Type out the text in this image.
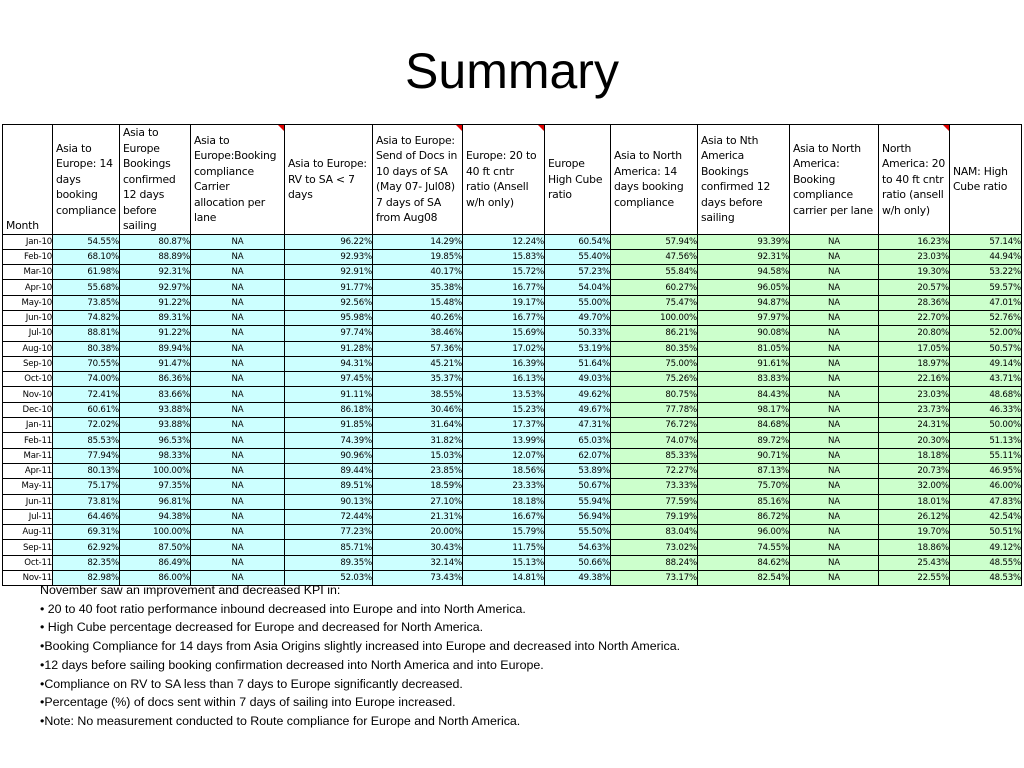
Summary
Month	Asia to Europe: 14 days booking compliance	Asia to Europe Bookings confirmed 12 days before sailing	Asia to Europe:Booking compliance Carrier allocation per lane	Asia to Europe: RV to SA < 7 days	Asia to Europe: Send of Docs in 10 days of SA (May 07- Jul08) 7 days of SA from Aug08	Europe: 20 to 40 ft cntr ratio (Ansell w/h only)	Europe High Cube ratio	Asia to North America: 14 days booking compliance	Asia to Nth America Bookings confirmed 12 days before sailing	Asia to North America: Booking compliance carrier per lane	North America: 20 to 40 ft cntr ratio (ansell w/h only)	NAM: High Cube ratio
Jan-10	54.55%	80.87%	NA	96.22%	14.29%	12.24%	60.54%	57.94%	93.39%	NA	16.23%	57.14%
Feb-10	68.10%	88.89%	NA	92.93%	19.85%	15.83%	55.40%	47.56%	92.31%	NA	23.03%	44.94%
Mar-10	61.98%	92.31%	NA	92.91%	40.17%	15.72%	57.23%	55.84%	94.58%	NA	19.30%	53.22%
Apr-10	55.68%	92.97%	NA	91.77%	35.38%	16.77%	54.04%	60.27%	96.05%	NA	20.57%	59.57%
May-10	73.85%	91.22%	NA	92.56%	15.48%	19.17%	55.00%	75.47%	94.87%	NA	28.36%	47.01%
Jun-10	74.82%	89.31%	NA	95.98%	40.26%	16.77%	49.70%	100.00%	97.97%	NA	22.70%	52.76%
Jul-10	88.81%	91.22%	NA	97.74%	38.46%	15.69%	50.33%	86.21%	90.08%	NA	20.80%	52.00%
Aug-10	80.38%	89.94%	NA	91.28%	57.36%	17.02%	53.19%	80.35%	81.05%	NA	17.05%	50.57%
Sep-10	70.55%	91.47%	NA	94.31%	45.21%	16.39%	51.64%	75.00%	91.61%	NA	18.97%	49.14%
Oct-10	74.00%	86.36%	NA	97.45%	35.37%	16.13%	49.03%	75.26%	83.83%	NA	22.16%	43.71%
Nov-10	72.41%	83.66%	NA	91.11%	38.55%	13.53%	49.62%	80.75%	84.43%	NA	23.03%	48.68%
Dec-10	60.61%	93.88%	NA	86.18%	30.46%	15.23%	49.67%	77.78%	98.17%	NA	23.73%	46.33%
Jan-11	72.02%	93.88%	NA	91.85%	31.64%	17.37%	47.31%	76.72%	84.68%	NA	24.31%	50.00%
Feb-11	85.53%	96.53%	NA	74.39%	31.82%	13.99%	65.03%	74.07%	89.72%	NA	20.30%	51.13%
Mar-11	77.94%	98.33%	NA	90.96%	15.03%	12.07%	62.07%	85.33%	90.71%	NA	18.18%	55.11%
Apr-11	80.13%	100.00%	NA	89.44%	23.85%	18.56%	53.89%	72.27%	87.13%	NA	20.73%	46.95%
May-11	75.17%	97.35%	NA	89.51%	18.59%	23.33%	50.67%	73.33%	75.70%	NA	32.00%	46.00%
Jun-11	73.81%	96.81%	NA	90.13%	27.10%	18.18%	55.94%	77.59%	85.16%	NA	18.01%	47.83%
Jul-11	64.46%	94.38%	NA	72.44%	21.31%	16.67%	56.94%	79.19%	86.72%	NA	26.12%	42.54%
Aug-11	69.31%	100.00%	NA	77.23%	20.00%	15.79%	55.50%	83.04%	96.00%	NA	19.70%	50.51%
Sep-11	62.92%	87.50%	NA	85.71%	30.43%	11.75%	54.63%	73.02%	74.55%	NA	18.86%	49.12%
Oct-11	82.35%	86.49%	NA	89.35%	32.14%	15.13%	50.66%	88.24%	84.62%	NA	25.43%	48.55%
Nov-11	82.98%	86.00%	NA	52.03%	73.43%	14.81%	49.38%	73.17%	82.54%	NA	22.55%	48.53%
November saw an improvement and decreased KPI in:
• 20 to 40 foot ratio performance inbound decreased into Europe and into North America.
• High Cube percentage decreased for Europe and decreased for North America.
•Booking Compliance for 14 days from Asia Origins slightly increased into Europe and decreased into North America.
•12 days before sailing booking confirmation decreased into North America and into Europe.
•Compliance on RV to SA less than 7 days to Europe significantly decreased.
•Percentage (%) of docs sent within 7 days of sailing into Europe increased.
•Note: No measurement conducted to Route compliance for Europe and North America.
